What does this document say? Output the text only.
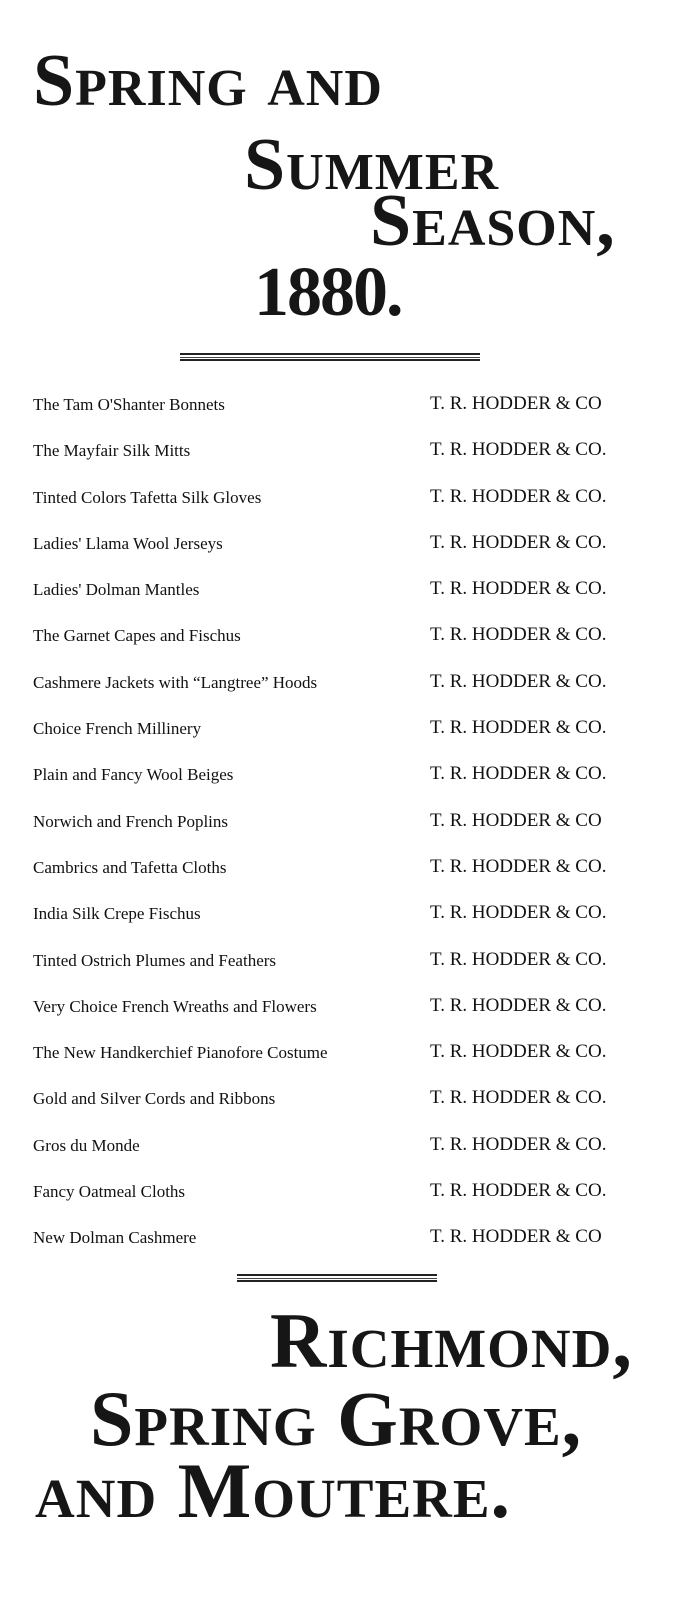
Spring and
Summer
Season,
1880.
The Tam O'Shanter Bonnets	T. R. HODDER & CO
The Mayfair Silk Mitts	T. R. HODDER & CO.
Tinted Colors Tafetta Silk Gloves	T. R. HODDER & CO.
Ladies' Llama Wool Jerseys	T. R. HODDER & CO.
Ladies' Dolman Mantles	T. R. HODDER & CO.
The Garnet Capes and Fischus	T. R. HODDER & CO.
Cashmere Jackets with “Langtree” Hoods	T. R. HODDER & CO.
Choice French Millinery	T. R. HODDER & CO.
Plain and Fancy Wool Beiges	T. R. HODDER & CO.
Norwich and French Poplins	T. R. HODDER & CO
Cambrics and Tafetta Cloths	T. R. HODDER & CO.
India Silk Crepe Fischus	T. R. HODDER & CO.
Tinted Ostrich Plumes and Feathers	T. R. HODDER & CO.
Very Choice French Wreaths and Flowers	T. R. HODDER & CO.
The New Handkerchief Pianofore Costume	T. R. HODDER & CO.
Gold and Silver Cords and Ribbons	T. R. HODDER & CO.
Gros du Monde	T. R. HODDER & CO.
Fancy Oatmeal Cloths	T. R. HODDER & CO.
New Dolman Cashmere	T. R. HODDER & CO
Richmond,
Spring Grove,
and Moutere.
